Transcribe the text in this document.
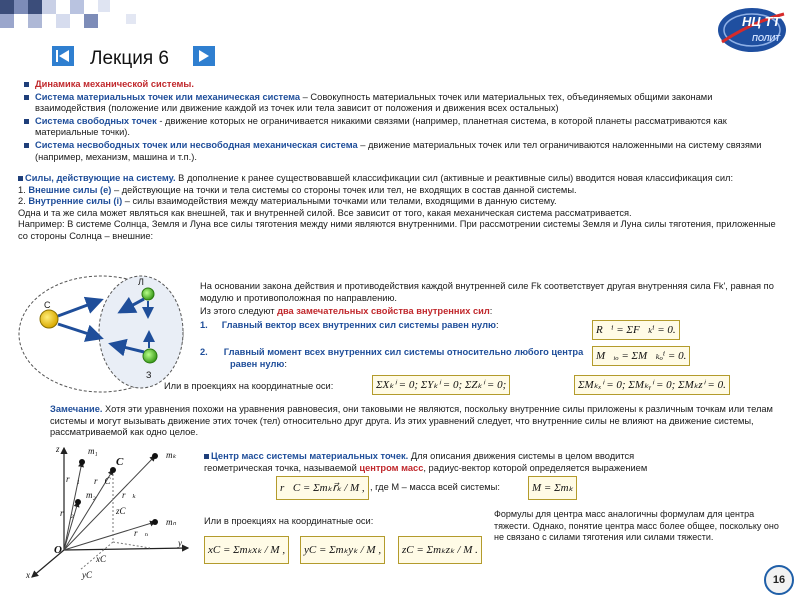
НЦ ТТ
ПОЛИТ
Лекция 6
Динамика механической системы.
Система материальных точек или механическая система – Совокупность материальных точек или материальных тех, объединяемых общими законами взаимодействия (положение или движение каждой из точек или тела зависит от положения и движения всех остальных)
Система свободных точек - движение которых не ограничивается никакими связями (например, планетная система, в которой планеты рассматриваются как материальные точки).
Система несвободных точек или несвободная механическая система – движение материальных точек или тел ограничиваются наложенными на систему связями (например, механизм, машина и т.п.).
Силы, действующие на систему. В дополнение к ранее существовавшей классификации сил (активные и реактивные силы) вводится новая классификация сил:
1. Внешние силы (e) – действующие на точки и тела системы со стороны точек или тел, не входящих в состав данной системы.
2. Внутренние силы (i) – силы взаимодействия между материальными точками или телами, входящими в данную систему.
Одна и та же сила может являться как внешней, так и внутренней силой. Все зависит от того, какая механическая система рассматривается.
Например: В системе Солнца, Земля и Луна все силы тяготения между ними являются внутренними. При рассмотрении системы Земля и Луна силы тяготения, приложенные со стороны Солнца – внешние:
С
Л
З
На основании закона действия и противодействия каждой внутренней силе Fk соответствует другая внутренняя сила Fk', равная по модулю и противоположная по направлению.
Из этого следуют два замечательных свойства внутренних сил:
1. Главный вектор всех внутренних сил системы равен нулю:	R⃗ⁱ = ΣF⃗ₖⁱ = 0.
2. Главный момент всех внутренних сил системы относительно любого центра равен нулю:
M⃗ᵢₒ = ΣM⃗ₖₒⁱ = 0.
Или в проекциях на координатные оси:	ΣXₖⁱ = 0; ΣYₖⁱ = 0; ΣZₖⁱ = 0;	ΣMₖₓⁱ = 0; ΣMₖᵧⁱ = 0; ΣMₖzⁱ = 0.
Замечание. Хотя эти уравнения похожи на уравнения равновесия, они таковыми не являются, поскольку внутренние силы приложены к различным точкам или телам системы и могут вызывать движение этих точек (тел) относительно друг друга. Из этих уравнений следует, что внутренние силы не влияют на движение системы, рассматриваемой как одно целое.
z
y
x
O
m₁
m₂
mₖ
mₙ
C
r⃗₁
r⃗₂
r⃗C
r⃗ₖ
r⃗ₙ
zC
xC
yC
Центр масс системы материальных точек. Для описания движения системы в целом вводится геометрическая точка, называемой центром масс, радиус-вектор которой определяется выражением
r⃗C = Σmₖr⃗ₖ / M , , где M – масса всей системы:	M = Σmₖ
Или в проекциях на координатные оси:
xC = Σmₖxₖ / M ,	yC = Σmₖyₖ / M ,	zC = Σmₖzₖ / M .
Формулы для центра масс аналогичны формулам для центра тяжести. Однако, понятие центра масс более общее, поскольку оно не связано с силами тяготения или силами тяжести.
16
